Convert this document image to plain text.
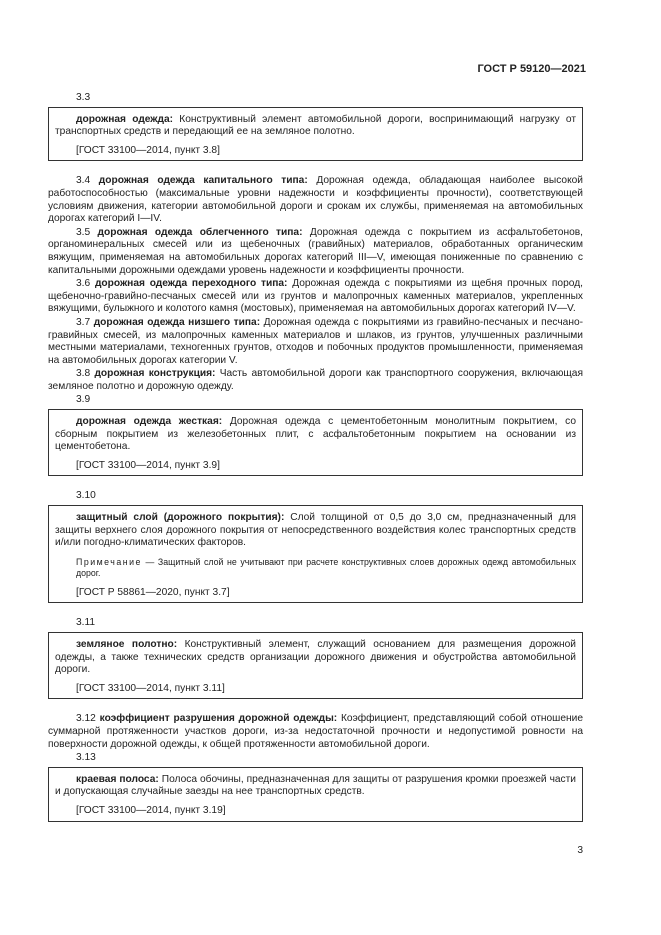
ГОСТ Р 59120—2021

3.3

дорожная одежда: Конструктивный элемент автомобильной дороги, воспринимающий нагрузку от транспортных средств и передающий ее на земляное полотно.

[ГОСТ 33100—2014, пункт 3.8]

3.4 дорожная одежда капитального типа: Дорожная одежда, обладающая наиболее высокой работоспособностью (максимальные уровни надежности и коэффициенты прочности), соответствующей условиям движения, категории автомобильной дороги и срокам их службы, применяемая на автомобильных дорогах категорий I—IV.

3.5 дорожная одежда облегченного типа: Дорожная одежда с покрытием из асфальтобетонов, органоминеральных смесей или из щебеночных (гравийных) материалов, обработанных органическим вяжущим, применяемая на автомобильных дорогах категорий III—V, имеющая пониженные по сравнению с капитальными дорожными одеждами уровень надежности и коэффициенты прочности.

3.6 дорожная одежда переходного типа: Дорожная одежда с покрытиями из щебня прочных пород, щебеночно-гравийно-песчаных смесей или из грунтов и малопрочных каменных материалов, укрепленных вяжущими, булыжного и колотого камня (мостовых), применяемая на автомобильных дорогах категорий IV—V.

3.7 дорожная одежда низшего типа: Дорожная одежда с покрытиями из гравийно-песчаных и песчано-гравийных смесей, из малопрочных каменных материалов и шлаков, из грунтов, улучшенных различными местными материалами, техногенных грунтов, отходов и побочных продуктов промышленности, применяемая на автомобильных дорогах категории V.

3.8 дорожная конструкция: Часть автомобильной дороги как транспортного сооружения, включающая земляное полотно и дорожную одежду.

3.9

дорожная одежда жесткая: Дорожная одежда с цементобетонным монолитным покрытием, со сборным покрытием из железобетонных плит, с асфальтобетонным покрытием на основании из цементобетона.

[ГОСТ 33100—2014, пункт 3.9]

3.10

защитный слой (дорожного покрытия): Слой толщиной от 0,5 до 3,0 см, предназначенный для защиты верхнего слоя дорожного покрытия от непосредственного воздействия колес транспортных средств и/или погодно-климатических факторов.

Примечание — Защитный слой не учитывают при расчете конструктивных слоев дорожных одежд автомобильных дорог.

[ГОСТ Р 58861—2020, пункт 3.7]

3.11

земляное полотно: Конструктивный элемент, служащий основанием для размещения дорожной одежды, а также технических средств организации дорожного движения и обустройства автомобильной дороги.

[ГОСТ 33100—2014, пункт 3.11]

3.12 коэффициент разрушения дорожной одежды: Коэффициент, представляющий собой отношение суммарной протяженности участков дороги, из-за недостаточной прочности и недопустимой ровности на поверхности дорожной одежды, к общей протяженности автомобильной дороги.

3.13

краевая полоса: Полоса обочины, предназначенная для защиты от разрушения кромки проезжей части и допускающая случайные заезды на нее транспортных средств.

[ГОСТ 33100—2014, пункт 3.19]

3
